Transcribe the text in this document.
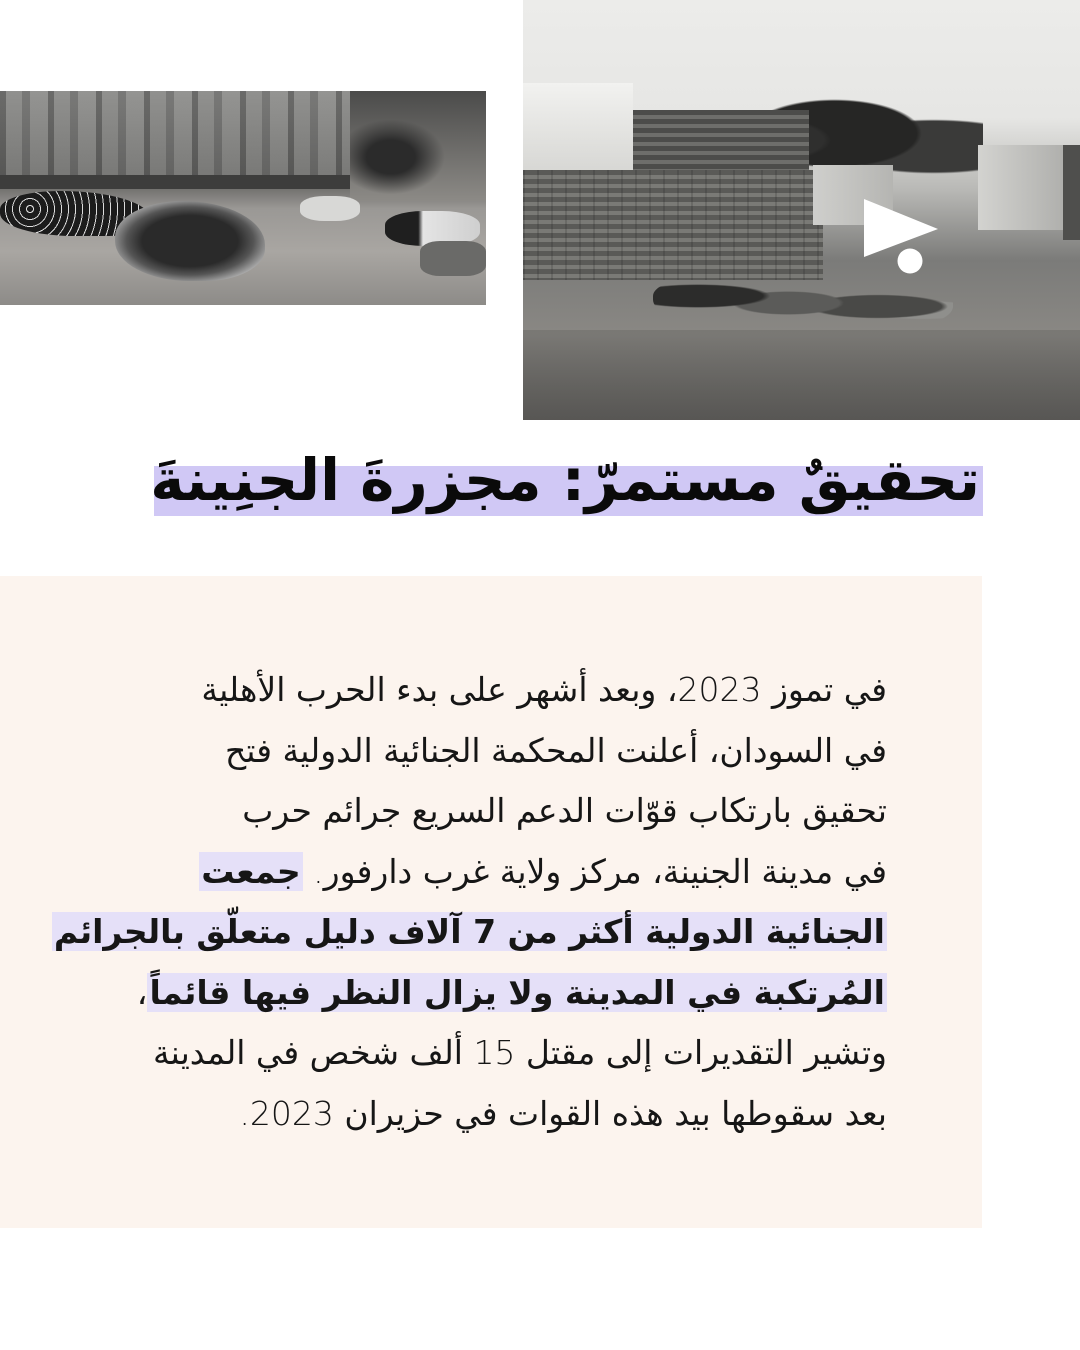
تحقيقٌ مستمرّ: مجزرةَ الجنِينةَ

في تموز 2023، وبعد أشهر على بدء الحرب الأهلية
في السودان، أعلنت المحكمة الجنائية الدولية فتح
تحقيق بارتكاب قوّات الدعم السريع جرائم حرب
في مدينة الجنينة، مركز ولاية غرب دارفور. جمعت
الجنائية الدولية أكثر من 7 آلاف دليل متعلّق بالجرائم
المُرتكبة في المدينة ولا يزال النظر فيها قائماً،
وتشير التقديرات إلى مقتل 15 ألف شخص في المدينة
بعد سقوطها بيد هذه القوات في حزيران 2023.
